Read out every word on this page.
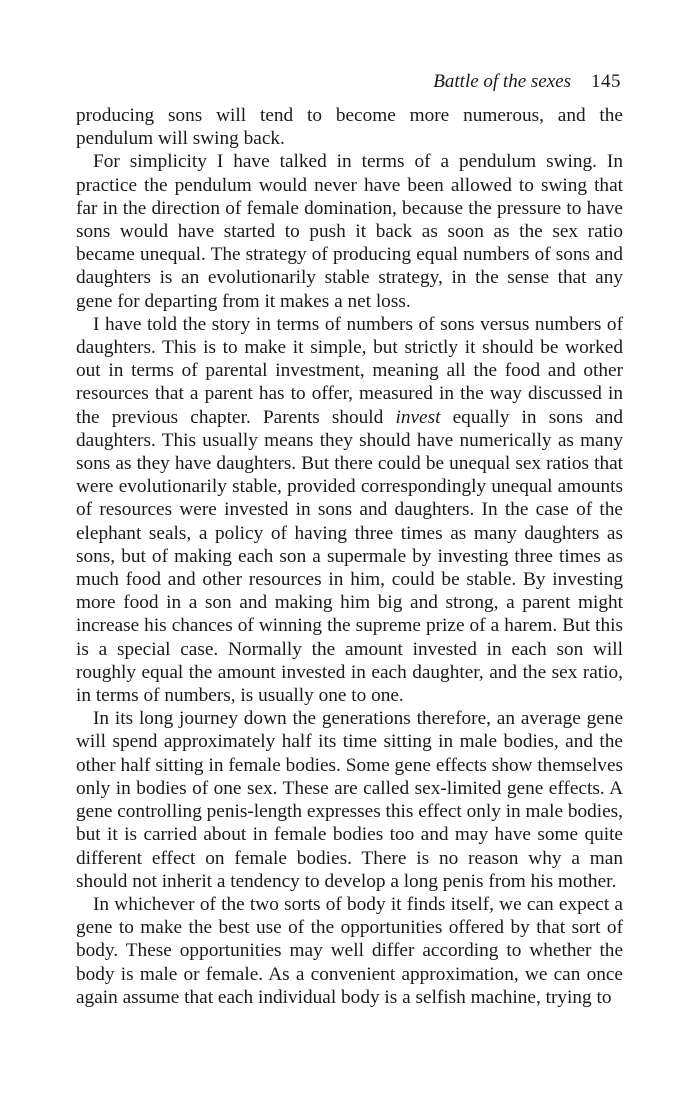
Battle of the sexes 145

producing sons will tend to become more numerous, and the pendulum will swing back.

For simplicity I have talked in terms of a pendulum swing. In practice the pendulum would never have been allowed to swing that far in the direction of female domination, because the pressure to have sons would have started to push it back as soon as the sex ratio became unequal. The strategy of producing equal numbers of sons and daughters is an evolutionarily stable strategy, in the sense that any gene for departing from it makes a net loss.

I have told the story in terms of numbers of sons versus numbers of daughters. This is to make it simple, but strictly it should be worked out in terms of parental investment, meaning all the food and other resources that a parent has to offer, measured in the way discussed in the previous chapter. Parents should invest equally in sons and daughters. This usually means they should have numerically as many sons as they have daughters. But there could be unequal sex ratios that were evolutionarily stable, provided correspondingly unequal amounts of resources were invested in sons and daughters. In the case of the elephant seals, a policy of having three times as many daughters as sons, but of making each son a supermale by investing three times as much food and other resources in him, could be stable. By investing more food in a son and making him big and strong, a parent might increase his chances of winning the supreme prize of a harem. But this is a special case. Normally the amount invested in each son will roughly equal the amount invested in each daughter, and the sex ratio, in terms of numbers, is usually one to one.

In its long journey down the generations therefore, an average gene will spend approximately half its time sitting in male bodies, and the other half sitting in female bodies. Some gene effects show themselves only in bodies of one sex. These are called sex-limited gene effects. A gene controlling penis-length expresses this effect only in male bodies, but it is carried about in female bodies too and may have some quite different effect on female bodies. There is no reason why a man should not inherit a tendency to develop a long penis from his mother.

In whichever of the two sorts of body it finds itself, we can expect a gene to make the best use of the opportunities offered by that sort of body. These opportunities may well differ according to whether the body is male or female. As a convenient approximation, we can once again assume that each individual body is a selfish machine, trying to
